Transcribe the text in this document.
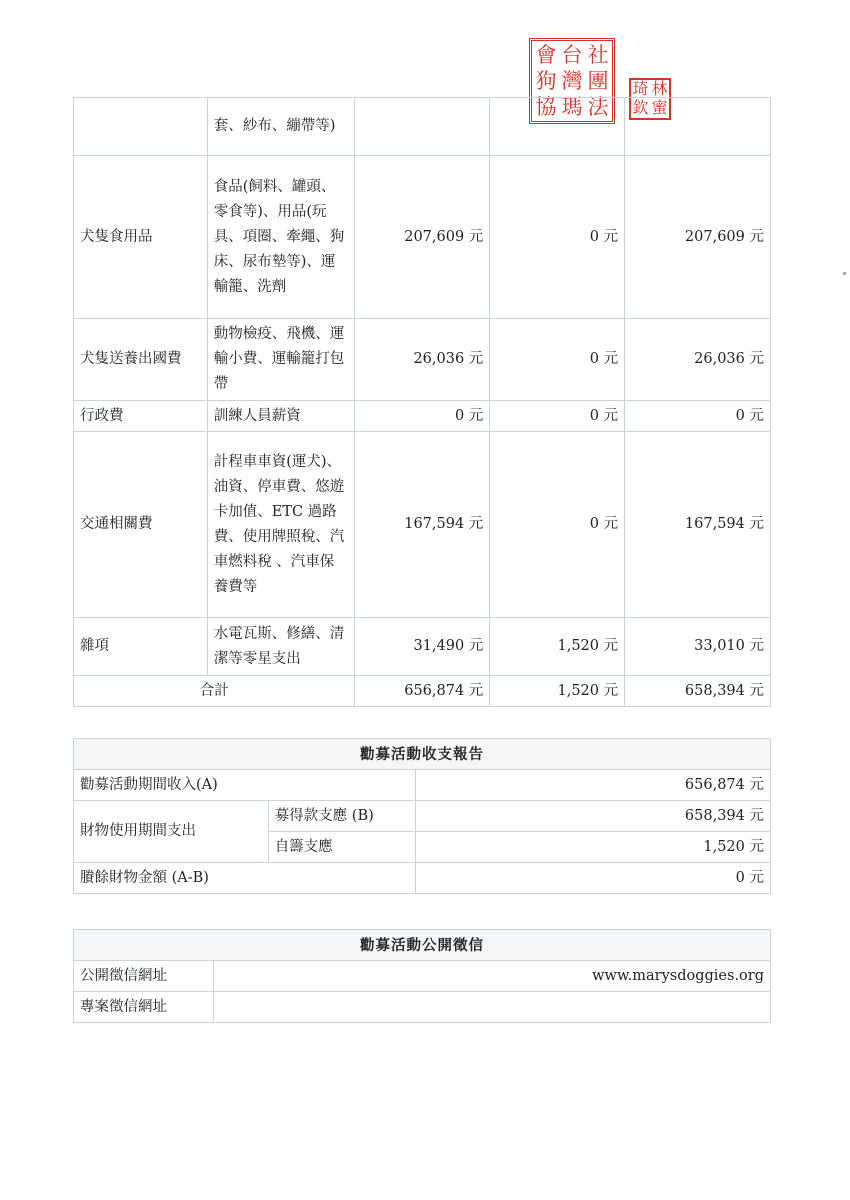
會 台 社
狗 灣 團
協 瑪 法
琦 林
欽 蜜
	套、紗布、繃帶等)			
犬隻食用品	食品(飼料、罐頭、零食等)、用品(玩具、項圈、牽繩、狗床、尿布墊等)、運輸籠、洗劑	207,609 元	0 元	207,609 元
犬隻送養出國費	動物檢疫、飛機、運輸小費、運輸籠打包帶	26,036 元	0 元	26,036 元
行政費	訓練人員薪資	0 元	0 元	0 元
交通相關費	計程車車資(運犬)、油資、停車費、悠遊卡加值、ETC 過路費、使用牌照稅、汽車燃料稅 、汽車保養費等	167,594 元	0 元	167,594 元
雜項	水電瓦斯、修繕、清潔等零星支出	31,490 元	1,520 元	33,010 元
合計		656,874 元	1,520 元	658,394 元
勸募活動收支報告		
勸募活動期間收入(A)		656,874 元
財物使用期間支出	募得款支應 (B)	658,394 元
	自籌支應	1,520 元
賸餘財物金額 (A-B)		0 元
勸募活動公開徵信	
公開徵信網址	www.marysdoggies.org
專案徵信網址	
